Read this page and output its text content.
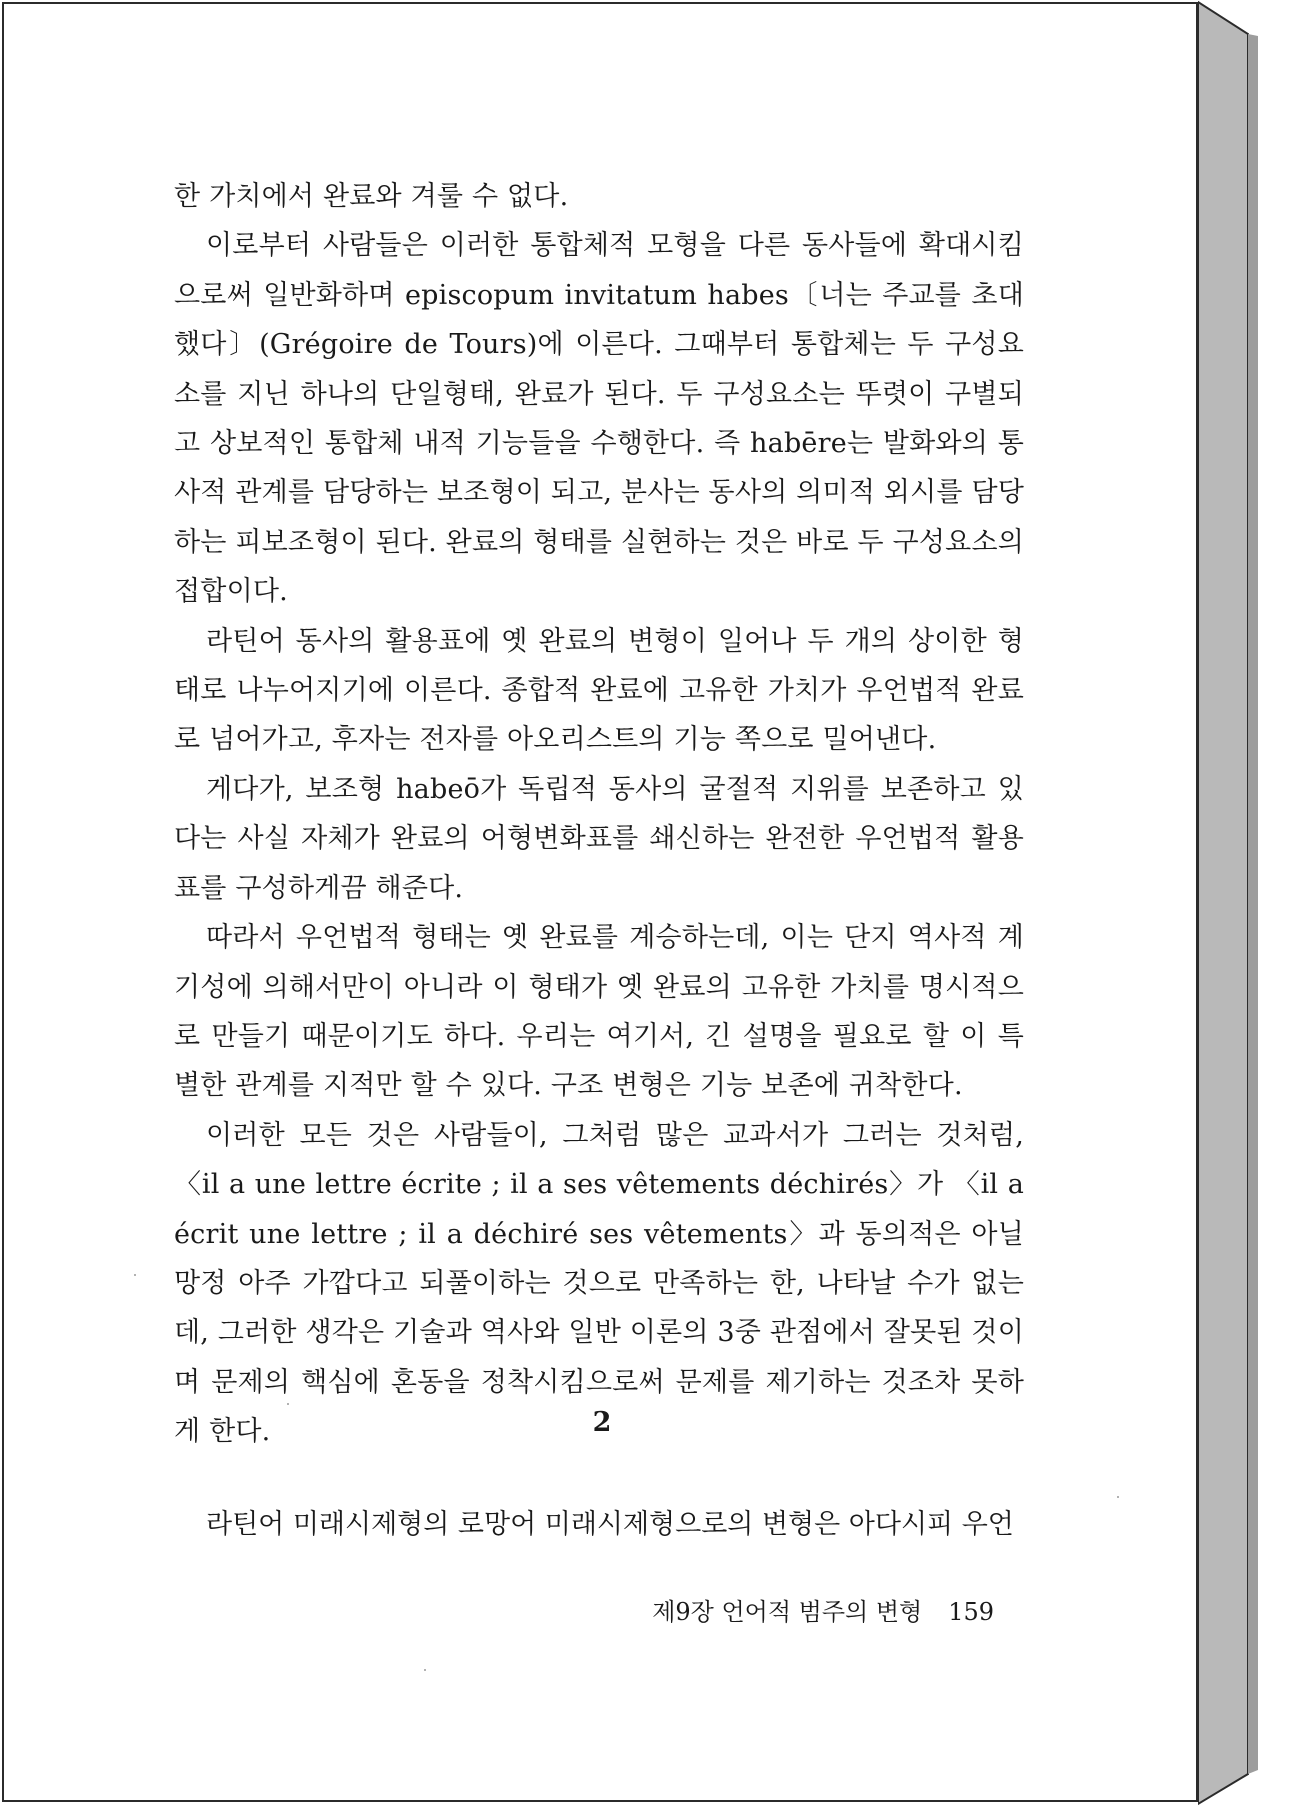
한 가치에서 완료와 겨룰 수 없다.

이로부터 사람들은 이러한 통합체적 모형을 다른 동사들에 확대시킴으로써 일반화하며 episcopum invitatum habes〔너는 주교를 초대했다〕(Grégoire de Tours)에 이른다. 그때부터 통합체는 두 구성요소를 지닌 하나의 단일형태, 완료가 된다. 두 구성요소는 뚜렷이 구별되고 상보적인 통합체 내적 기능들을 수행한다. 즉 habēre는 발화와의 통사적 관계를 담당하는 보조형이 되고, 분사는 동사의 의미적 외시를 담당하는 피보조형이 된다. 완료의 형태를 실현하는 것은 바로 두 구성요소의 접합이다.

라틴어 동사의 활용표에 옛 완료의 변형이 일어나 두 개의 상이한 형태로 나누어지기에 이른다. 종합적 완료에 고유한 가치가 우언법적 완료로 넘어가고, 후자는 전자를 아오리스트의 기능 쪽으로 밀어낸다.

게다가, 보조형 habeō가 독립적 동사의 굴절적 지위를 보존하고 있다는 사실 자체가 완료의 어형변화표를 쇄신하는 완전한 우언법적 활용표를 구성하게끔 해준다.

따라서 우언법적 형태는 옛 완료를 계승하는데, 이는 단지 역사적 계기성에 의해서만이 아니라 이 형태가 옛 완료의 고유한 가치를 명시적으로 만들기 때문이기도 하다. 우리는 여기서, 긴 설명을 필요로 할 이 특별한 관계를 지적만 할 수 있다. 구조 변형은 기능 보존에 귀착한다.

이러한 모든 것은 사람들이, 그처럼 많은 교과서가 그러는 것처럼, 〈il a une lettre écrite ; il a ses vêtements déchirés〉가 〈il a écrit une lettre ; il a déchiré ses vêtements〉과 동의적은 아닐망정 아주 가깝다고 되풀이하는 것으로 만족하는 한, 나타날 수가 없는데, 그러한 생각은 기술과 역사와 일반 이론의 3중 관점에서 잘못된 것이며 문제의 핵심에 혼동을 정착시킴으로써 문제를 제기하는 것조차 못하게 한다.	2
라틴어 미래시제형의 로망어 미래시제형으로의 변형은 아다시피 우언
제9장 언어적 범주의 변형 159
